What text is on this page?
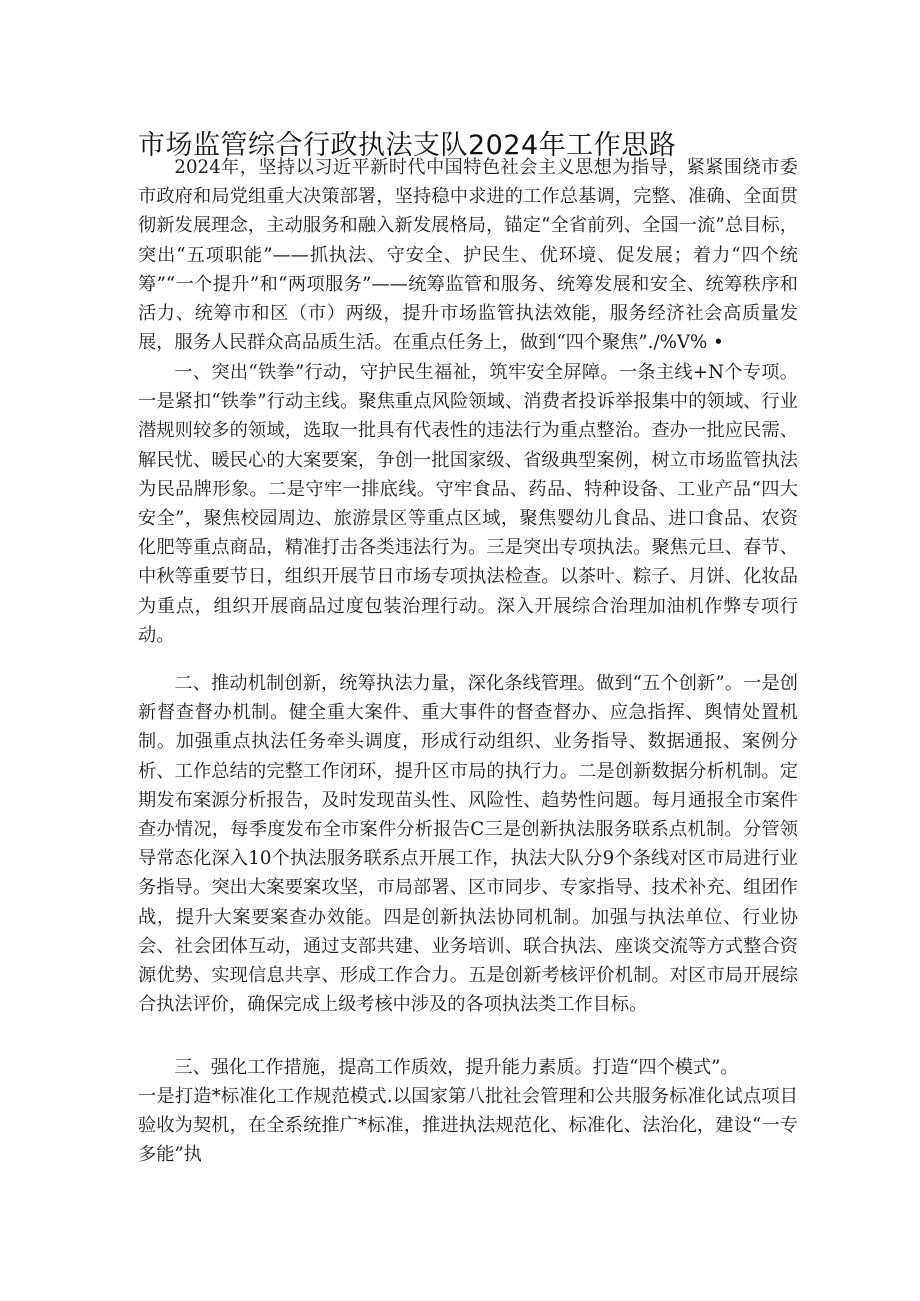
市场监管综合行政执法支队2024年工作思路

2024年，坚持以习近平新时代中国特色社会主义思想为指导，紧紧围绕市委市政府和局党组重大决策部署，坚持稳中求进的工作总基调，完整、准确、全面贯彻新发展理念，主动服务和融入新发展格局，锚定“全省前列、全国一流”总目标，突出“五项职能”——抓执法、守安全、护民生、优环境、促发展；着力“四个统筹”“一个提升”和“两项服务”——统筹监管和服务、统筹发展和安全、统筹秩序和活力、统筹市和区（市）两级，提升市场监管执法效能，服务经济社会高质量发展，服务人民群众高品质生活。在重点任务上，做到“四个聚焦”.∕%V% •

一、突出“铁拳”行动，守护民生福祉，筑牢安全屏障。一条主线+N个专项。一是紧扣“铁拳”行动主线。聚焦重点风险领域、消费者投诉举报集中的领域、行业潜规则较多的领域，选取一批具有代表性的违法行为重点整治。查办一批应民需、解民忧、暖民心的大案要案，争创一批国家级、省级典型案例，树立市场监管执法为民品牌形象。二是守牢一排底线。守牢食品、药品、特种设备、工业产品“四大安全”，聚焦校园周边、旅游景区等重点区域，聚焦婴幼儿食品、进口食品、农资化肥等重点商品，精准打击各类违法行为。三是突出专项执法。聚焦元旦、春节、中秋等重要节日，组织开展节日市场专项执法检查。以茶叶、粽子、月饼、化妆品为重点，组织开展商品过度包装治理行动。深入开展综合治理加油机作弊专项行动。

二、推动机制创新，统筹执法力量，深化条线管理。做到“五个创新”。一是创新督查督办机制。健全重大案件、重大事件的督查督办、应急指挥、舆情处置机制。加强重点执法任务牵头调度，形成行动组织、业务指导、数据通报、案例分析、工作总结的完整工作闭环，提升区市局的执行力。二是创新数据分析机制。定期发布案源分析报告，及时发现苗头性、风险性、趋势性问题。每月通报全市案件查办情况，每季度发布全市案件分析报告C三是创新执法服务联系点机制。分管领导常态化深入10个执法服务联系点开展工作，执法大队分9个条线对区市局进行业务指导。突出大案要案攻坚，市局部署、区市同步、专家指导、技术补充、组团作战，提升大案要案查办效能。四是创新执法协同机制。加强与执法单位、行业协会、社会团体互动，通过支部共建、业务培训、联合执法、座谈交流等方式整合资源优势、实现信息共享、形成工作合力。五是创新考核评价机制。对区市局开展综合执法评价，确保完成上级考核中涉及的各项执法类工作目标。

三、强化工作措施，提高工作质效，提升能力素质。打造“四个模式”。

一是打造*标准化工作规范模式.以国家第八批社会管理和公共服务标准化试点项目验收为契机，在全系统推广*标准，推进执法规范化、标准化、法治化，建设“一专多能”执
